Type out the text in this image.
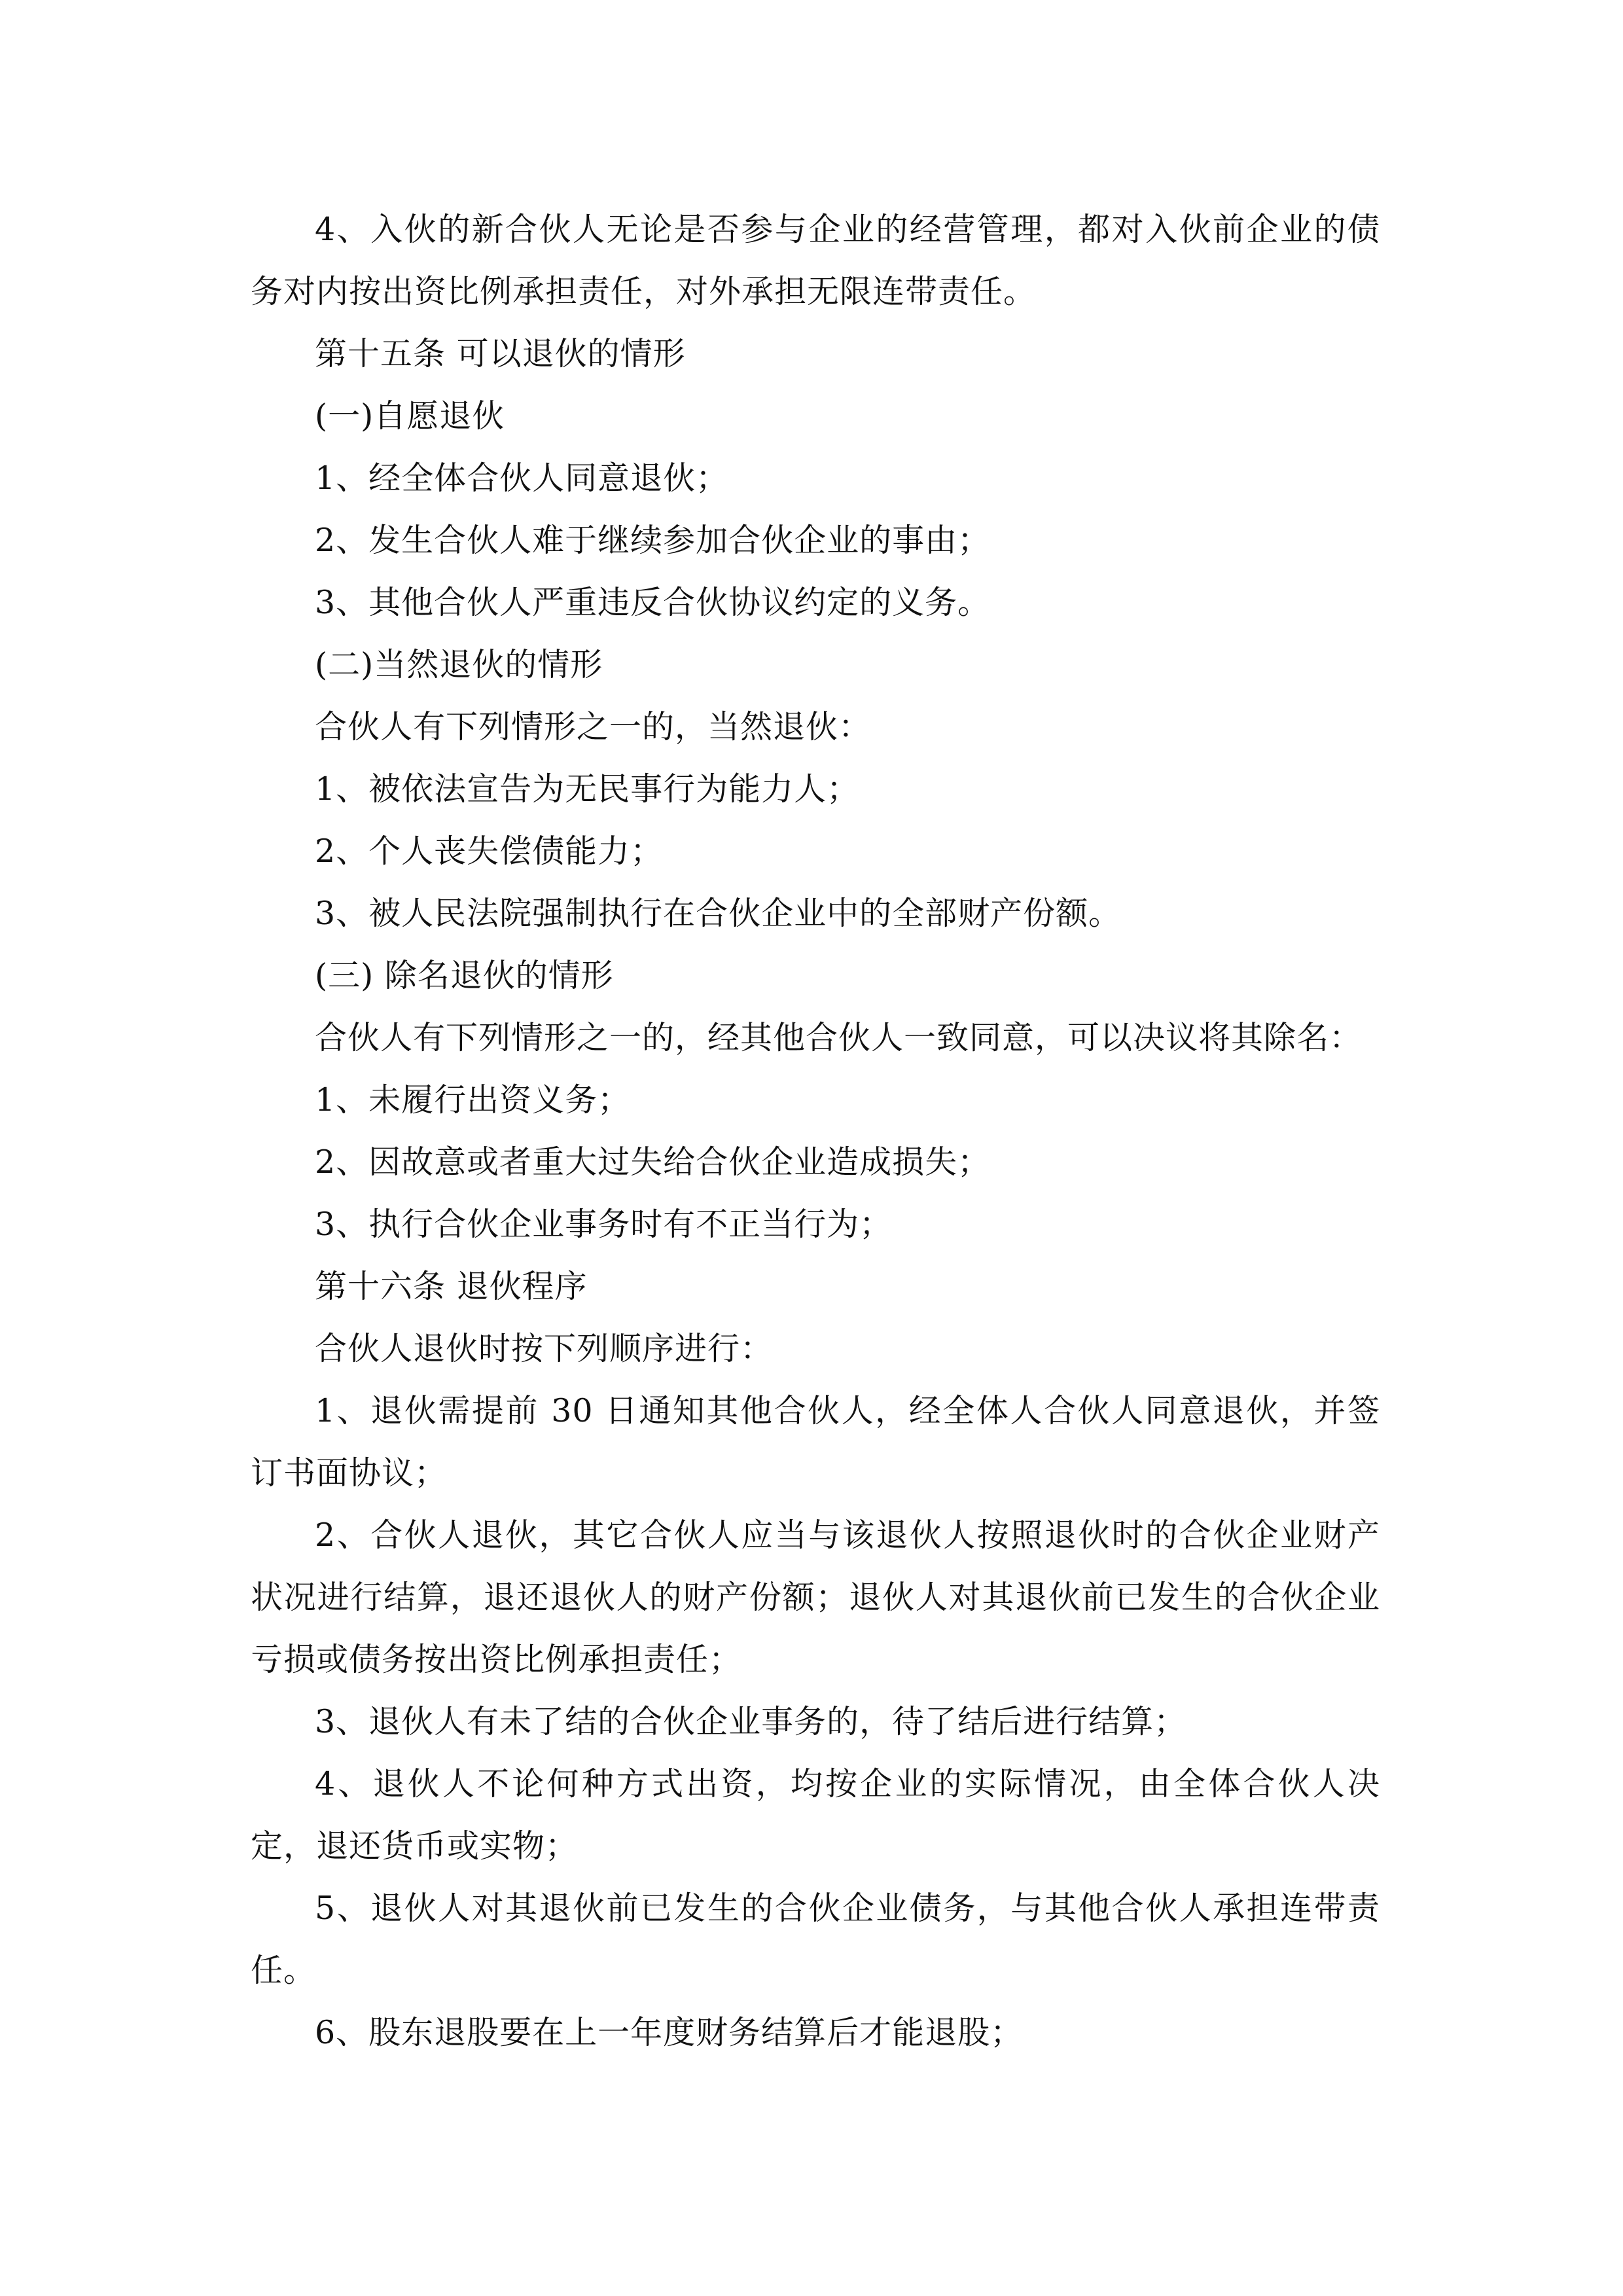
4、入伙的新合伙人无论是否参与企业的经营管理，都对入伙前企业的债务对内按出资比例承担责任，对外承担无限连带责任。

第十五条 可以退伙的情形

(一)自愿退伙

1、经全体合伙人同意退伙；

2、发生合伙人难于继续参加合伙企业的事由；

3、其他合伙人严重违反合伙协议约定的义务。

(二)当然退伙的情形

合伙人有下列情形之一的，当然退伙：

1、被依法宣告为无民事行为能力人；

2、个人丧失偿债能力；

3、被人民法院强制执行在合伙企业中的全部财产份额。

(三) 除名退伙的情形

合伙人有下列情形之一的，经其他合伙人一致同意，可以决议将其除名：

1、未履行出资义务；

2、因故意或者重大过失给合伙企业造成损失；

3、执行合伙企业事务时有不正当行为；

第十六条 退伙程序

合伙人退伙时按下列顺序进行：

1、退伙需提前 30 日通知其他合伙人，经全体人合伙人同意退伙，并签订书面协议；

2、合伙人退伙，其它合伙人应当与该退伙人按照退伙时的合伙企业财产状况进行结算，退还退伙人的财产份额；退伙人对其退伙前已发生的合伙企业亏损或债务按出资比例承担责任；

3、退伙人有未了结的合伙企业事务的，待了结后进行结算；

4、退伙人不论何种方式出资，均按企业的实际情况，由全体合伙人决定，退还货币或实物；

5、退伙人对其退伙前已发生的合伙企业债务，与其他合伙人承担连带责任。

6、股东退股要在上一年度财务结算后才能退股；
